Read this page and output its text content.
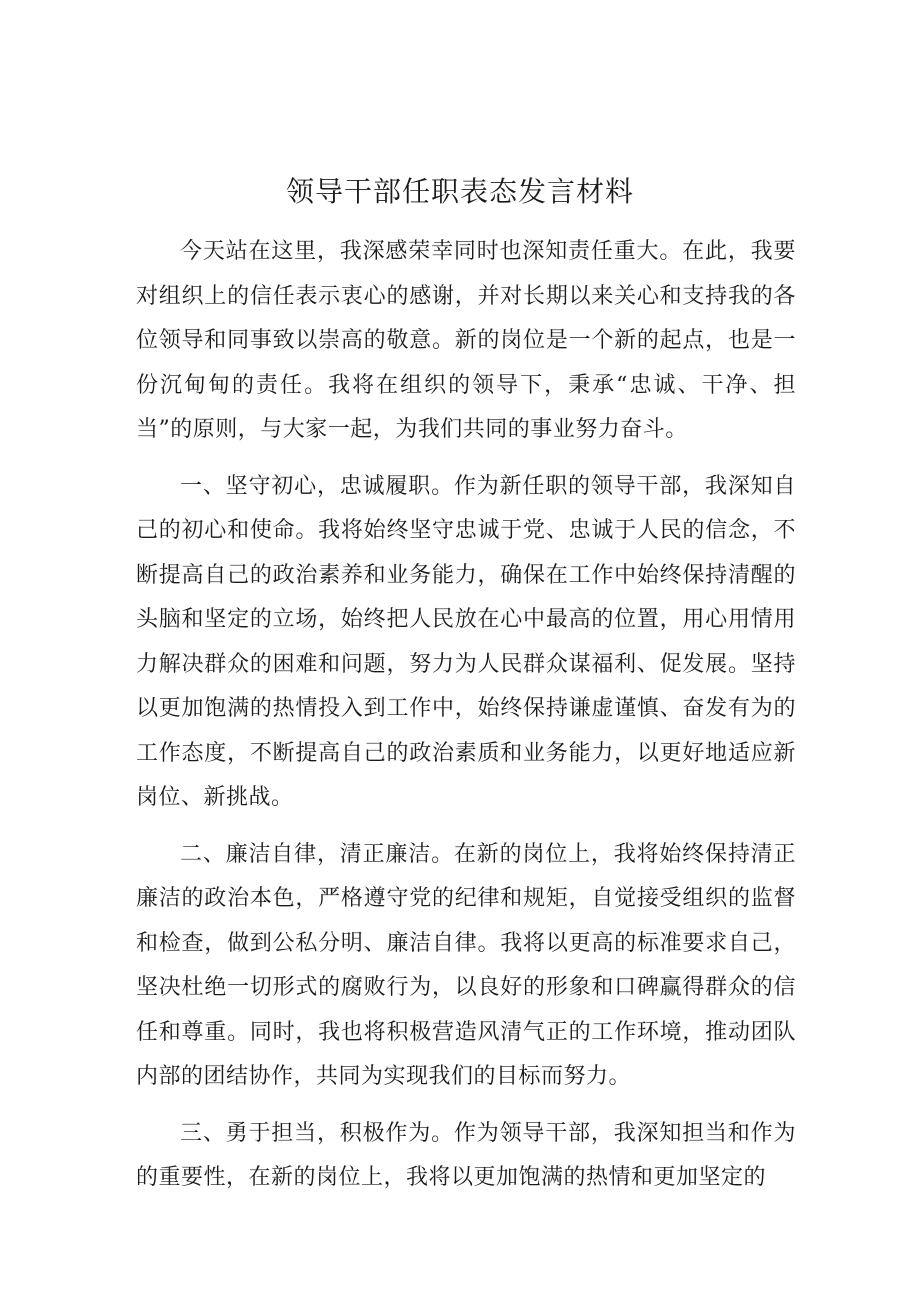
领导干部任职表态发言材料

今天站在这里，我深感荣幸同时也深知责任重大。在此，我要对组织上的信任表示衷心的感谢，并对长期以来关心和支持我的各位领导和同事致以崇高的敬意。新的岗位是一个新的起点，也是一份沉甸甸的责任。我将在组织的领导下，秉承“忠诚、干净、担当”的原则，与大家一起，为我们共同的事业努力奋斗。

一、坚守初心，忠诚履职。作为新任职的领导干部，我深知自己的初心和使命。我将始终坚守忠诚于党、忠诚于人民的信念，不断提高自己的政治素养和业务能力，确保在工作中始终保持清醒的头脑和坚定的立场，始终把人民放在心中最高的位置，用心用情用力解决群众的困难和问题，努力为人民群众谋福利、促发展。坚持以更加饱满的热情投入到工作中，始终保持谦虚谨慎、奋发有为的工作态度，不断提高自己的政治素质和业务能力，以更好地适应新岗位、新挑战。

二、廉洁自律，清正廉洁。在新的岗位上，我将始终保持清正廉洁的政治本色，严格遵守党的纪律和规矩，自觉接受组织的监督和检查，做到公私分明、廉洁自律。我将以更高的标准要求自己，坚决杜绝一切形式的腐败行为，以良好的形象和口碑赢得群众的信任和尊重。同时，我也将积极营造风清气正的工作环境，推动团队内部的团结协作，共同为实现我们的目标而努力。

三、勇于担当，积极作为。作为领导干部，我深知担当和作为的重要性，在新的岗位上，我将以更加饱满的热情和更加坚定的
